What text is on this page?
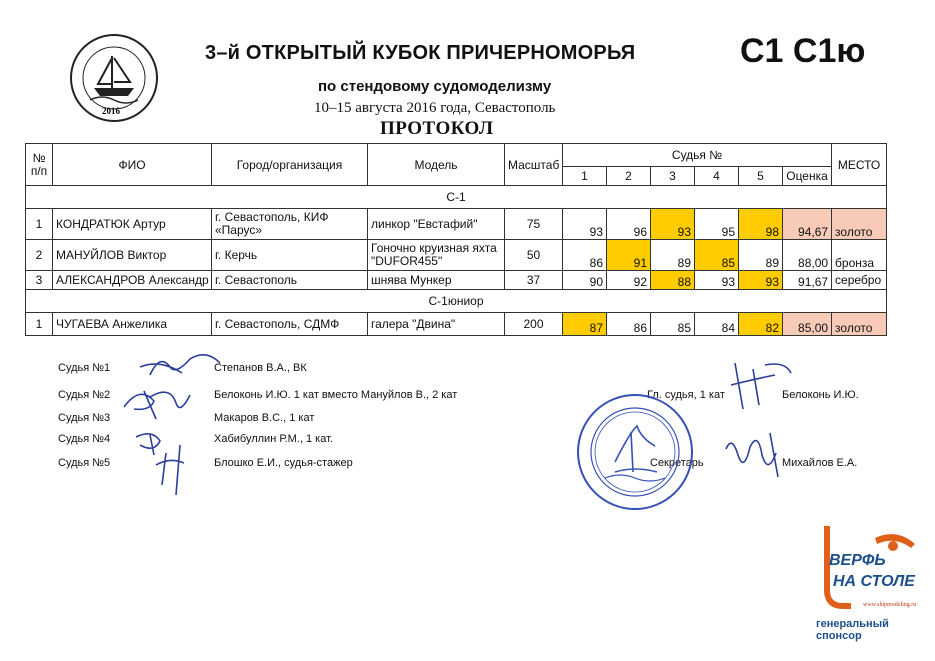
2016
3–й ОТКРЫТЫЙ КУБОК ПРИЧЕРНОМОРЬЯ	С1 С1ю
по стендовому судомоделизму
10–15 августа 2016 года, Севастополь
ПРОТОКОЛ
№ п/п	ФИО	Город/организация	Модель	Масштаб	Судья №						МЕСТО
					1	2	3	4	5	Оценка	
С-1											
1	КОНДРАТЮК Артур	г. Севастополь, КИФ «Парус»	линкор "Евстафий"	75	93	96	93	95	98	94,67	золото
2	МАНУЙЛОВ Виктор	г. Керчь	Гоночно круизная яхта "DUFOR455"	50	86	91	89	85	89	88,00	бронза
3	АЛЕКСАНДРОВ Александр	г. Севастополь	шнява Мункер	37	90	92	88	93	93	91,67	серебро
С-1юниор											
1	ЧУГАЕВА Анжелика	г. Севастополь, СДМФ	галера "Двина"	200	87	86	85	84	82	85,00	золото
Судья №1	Степанов В.А., ВК
Судья №2	Белоконь И.Ю. 1 кат вместо Мануйлов В., 2 кат
Судья №3	Макаров В.С., 1 кат
Судья №4	Хабибуллин Р.М., 1 кат.
Судья №5	Блошко Е.И., судья-стажер
Гл. судья, 1 кат	Белоконь И.Ю.
Секретарь	Михайлов Е.А.
ВЕРФЬ
НА СТОЛЕ
www.shipmodeling.ru
генеральный спонсор
